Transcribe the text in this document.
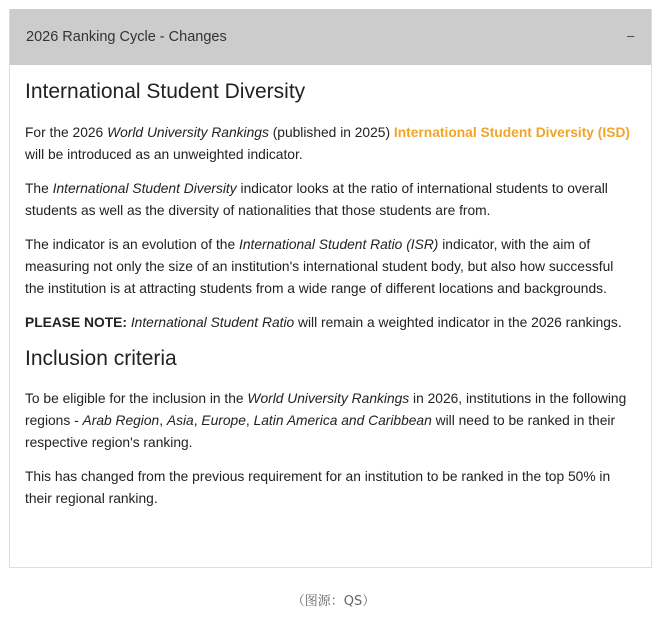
2026 Ranking Cycle - Changes	−
International Student Diversity

For the 2026 World University Rankings (published in 2025) International Student Diversity (ISD) will be introduced as an unweighted indicator.

The International Student Diversity indicator looks at the ratio of international students to overall students as well as the diversity of nationalities that those students are from.

The indicator is an evolution of the International Student Ratio (ISR) indicator, with the aim of measuring not only the size of an institution's international student body, but also how successful the institution is at attracting students from a wide range of different locations and backgrounds.

PLEASE NOTE: International Student Ratio will remain a weighted indicator in the 2026 rankings.

Inclusion criteria

To be eligible for the inclusion in the World University Rankings in 2026, institutions in the following regions - Arab Region, Asia, Europe, Latin America and Caribbean will need to be ranked in their respective region's ranking.

This has changed from the previous requirement for an institution to be ranked in the top 50% in their regional ranking.

（图源：QS）
